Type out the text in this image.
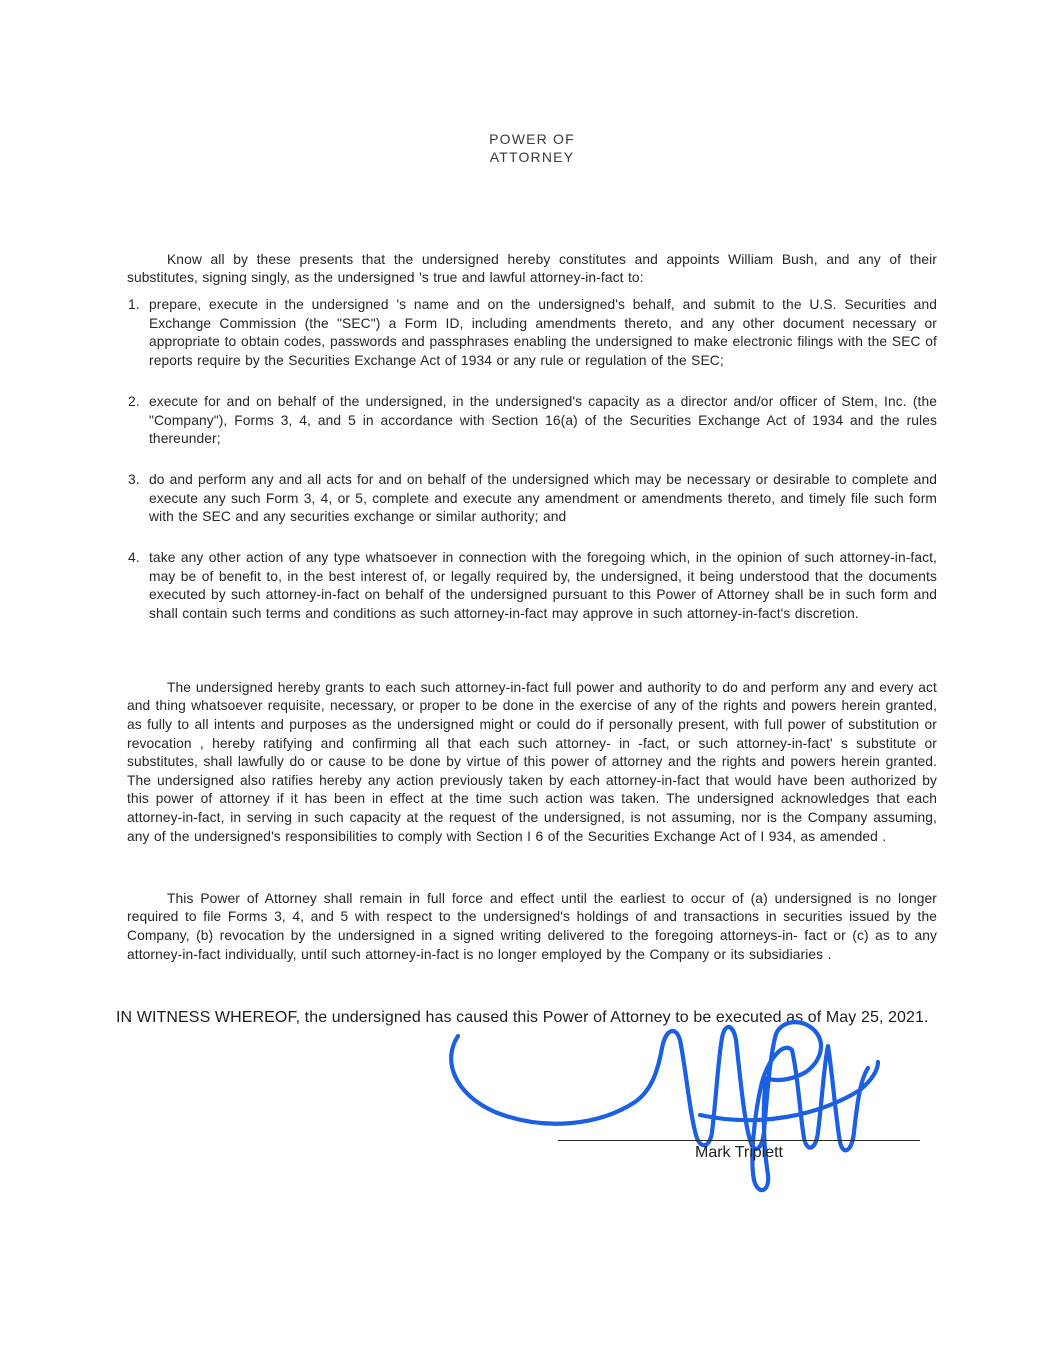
POWER OF
ATTORNEY

Know all by these presents that the undersigned hereby constitutes and appoints William Bush, and any of their substitutes, signing singly, as the undersigned 's true and lawful attorney-in-fact to:

1. prepare, execute in the undersigned 's name and on the undersigned's behalf, and submit to the U.S. Securities and Exchange Commission (the "SEC") a Form ID, including amendments thereto, and any other document necessary or appropriate to obtain codes, passwords and passphrases enabling the undersigned to make electronic filings with the SEC of reports require by the Securities Exchange Act of 1934 or any rule or regulation of the SEC;
2. execute for and on behalf of the undersigned, in the undersigned's capacity as a director and/or officer of Stem, Inc. (the "Company"), Forms 3, 4, and 5 in accordance with Section 16(a) of the Securities Exchange Act of 1934 and the rules thereunder;
3. do and perform any and all acts for and on behalf of the undersigned which may be necessary or desirable to complete and execute any such Form 3, 4, or 5, complete and execute any amendment or amendments thereto, and timely file such form with the SEC and any securities exchange or similar authority; and
4. take any other action of any type whatsoever in connection with the foregoing which, in the opinion of such attorney-in-fact, may be of benefit to, in the best interest of, or legally required by, the undersigned, it being understood that the documents executed by such attorney-in-fact on behalf of the undersigned pursuant to this Power of Attorney shall be in such form and shall contain such terms and conditions as such attorney-in-fact may approve in such attorney-in-fact's discretion.

The undersigned hereby grants to each such attorney-in-fact full power and authority to do and perform any and every act and thing whatsoever requisite, necessary, or proper to be done in the exercise of any of the rights and powers herein granted, as fully to all intents and purposes as the undersigned might or could do if personally present, with full power of substitution or revocation , hereby ratifying and confirming all that each such attorney- in -fact, or such attorney-in-fact' s substitute or substitutes, shall lawfully do or cause to be done by virtue of this power of attorney and the rights and powers herein granted. The undersigned also ratifies hereby any action previously taken by each attorney-in-fact that would have been authorized by this power of attorney if it has been in effect at the time such action was taken. The undersigned acknowledges that each attorney-in-fact, in serving in such capacity at the request of the undersigned, is not assuming, nor is the Company assuming, any of the undersigned's responsibilities to comply with Section I 6 of the Securities Exchange Act of I 934, as amended .

This Power of Attorney shall remain in full force and effect until the earliest to occur of (a) undersigned is no longer required to file Forms 3, 4, and 5 with respect to the undersigned's holdings of and transactions in securities issued by the Company, (b) revocation by the undersigned in a signed writing delivered to the foregoing attorneys-in- fact or (c) as to any attorney-in-fact individually, until such attorney-in-fact is no longer employed by the Company or its subsidiaries .

IN WITNESS WHEREOF, the undersigned has caused this Power of Attorney to be executed as of May 25, 2021.

Mark Triplett
